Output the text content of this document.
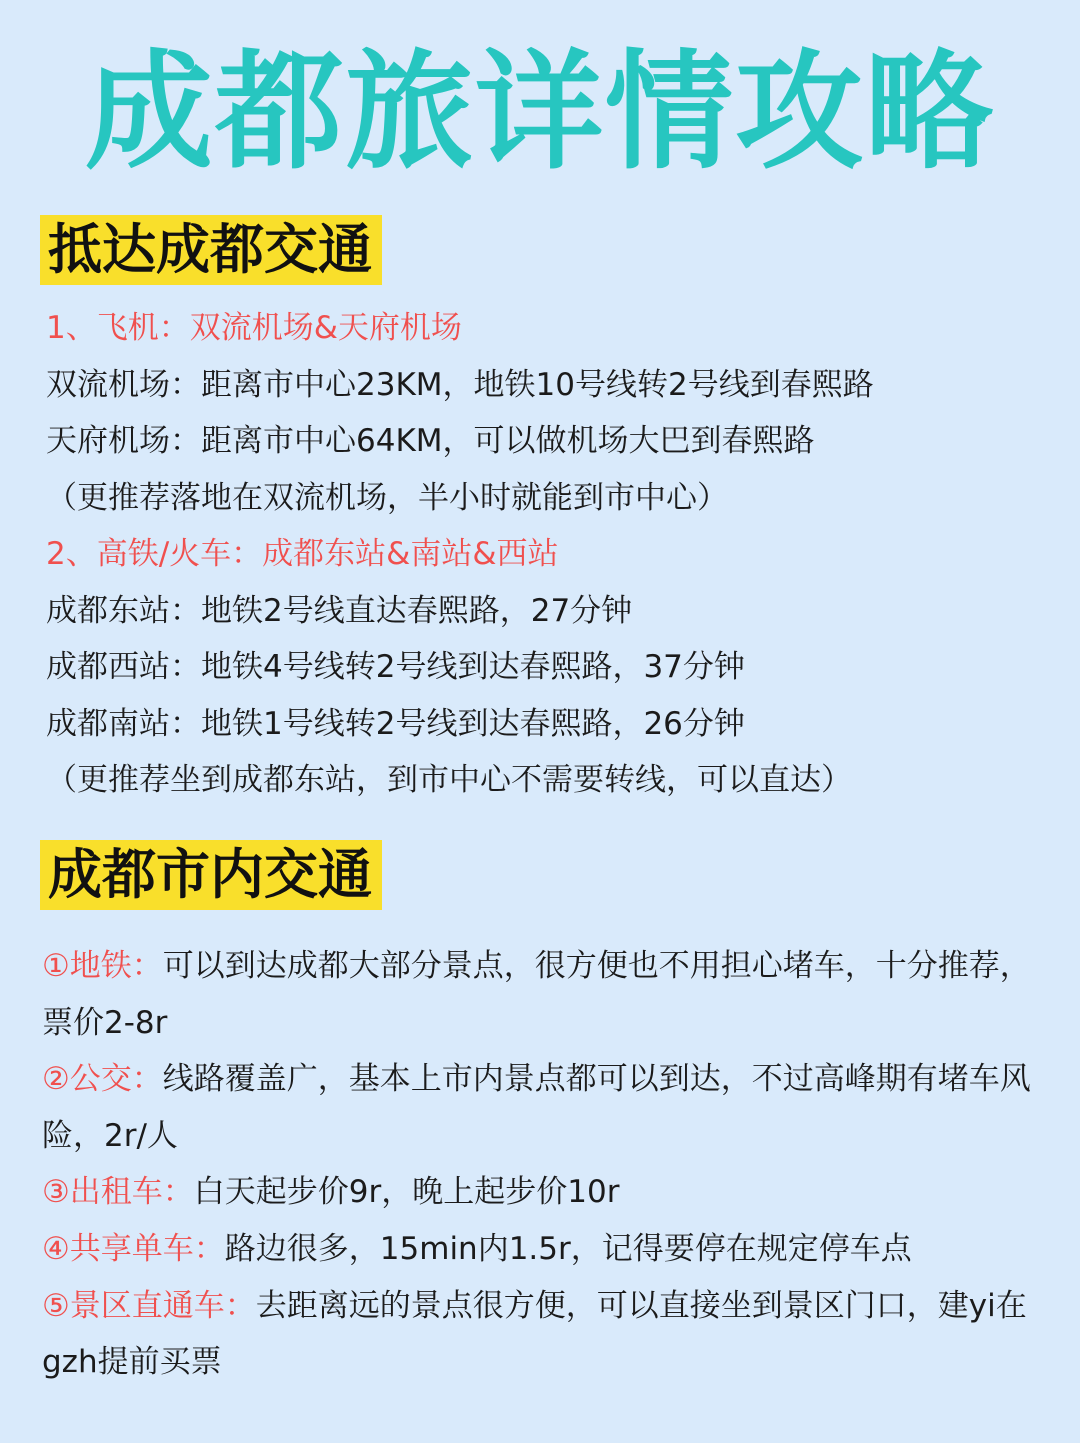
成都旅详情攻略
抵达成都交通
1、飞机：双流机场&天府机场
双流机场：距离市中心23KM，地铁10号线转2号线到春熙路
天府机场：距离市中心64KM，可以做机场大巴到春熙路
（更推荐落地在双流机场，半小时就能到市中心）
2、高铁/火车：成都东站&南站&西站
成都东站：地铁2号线直达春熙路，27分钟
成都西站：地铁4号线转2号线到达春熙路，37分钟
成都南站：地铁1号线转2号线到达春熙路，26分钟
（更推荐坐到成都东站，到市中心不需要转线，可以直达）
成都市内交通
①地铁：可以到达成都大部分景点，很方便也不用担心堵车，十分推荐，票价2-8r
②公交：线路覆盖广，基本上市内景点都可以到达，不过高峰期有堵车风险，2r/人
③出租车：白天起步价9r，晚上起步价10r
④共享单车：路边很多，15min内1.5r，记得要停在规定停车点
⑤景区直通车：去距离远的景点很方便，可以直接坐到景区门口，建yi在gzh提前买票
